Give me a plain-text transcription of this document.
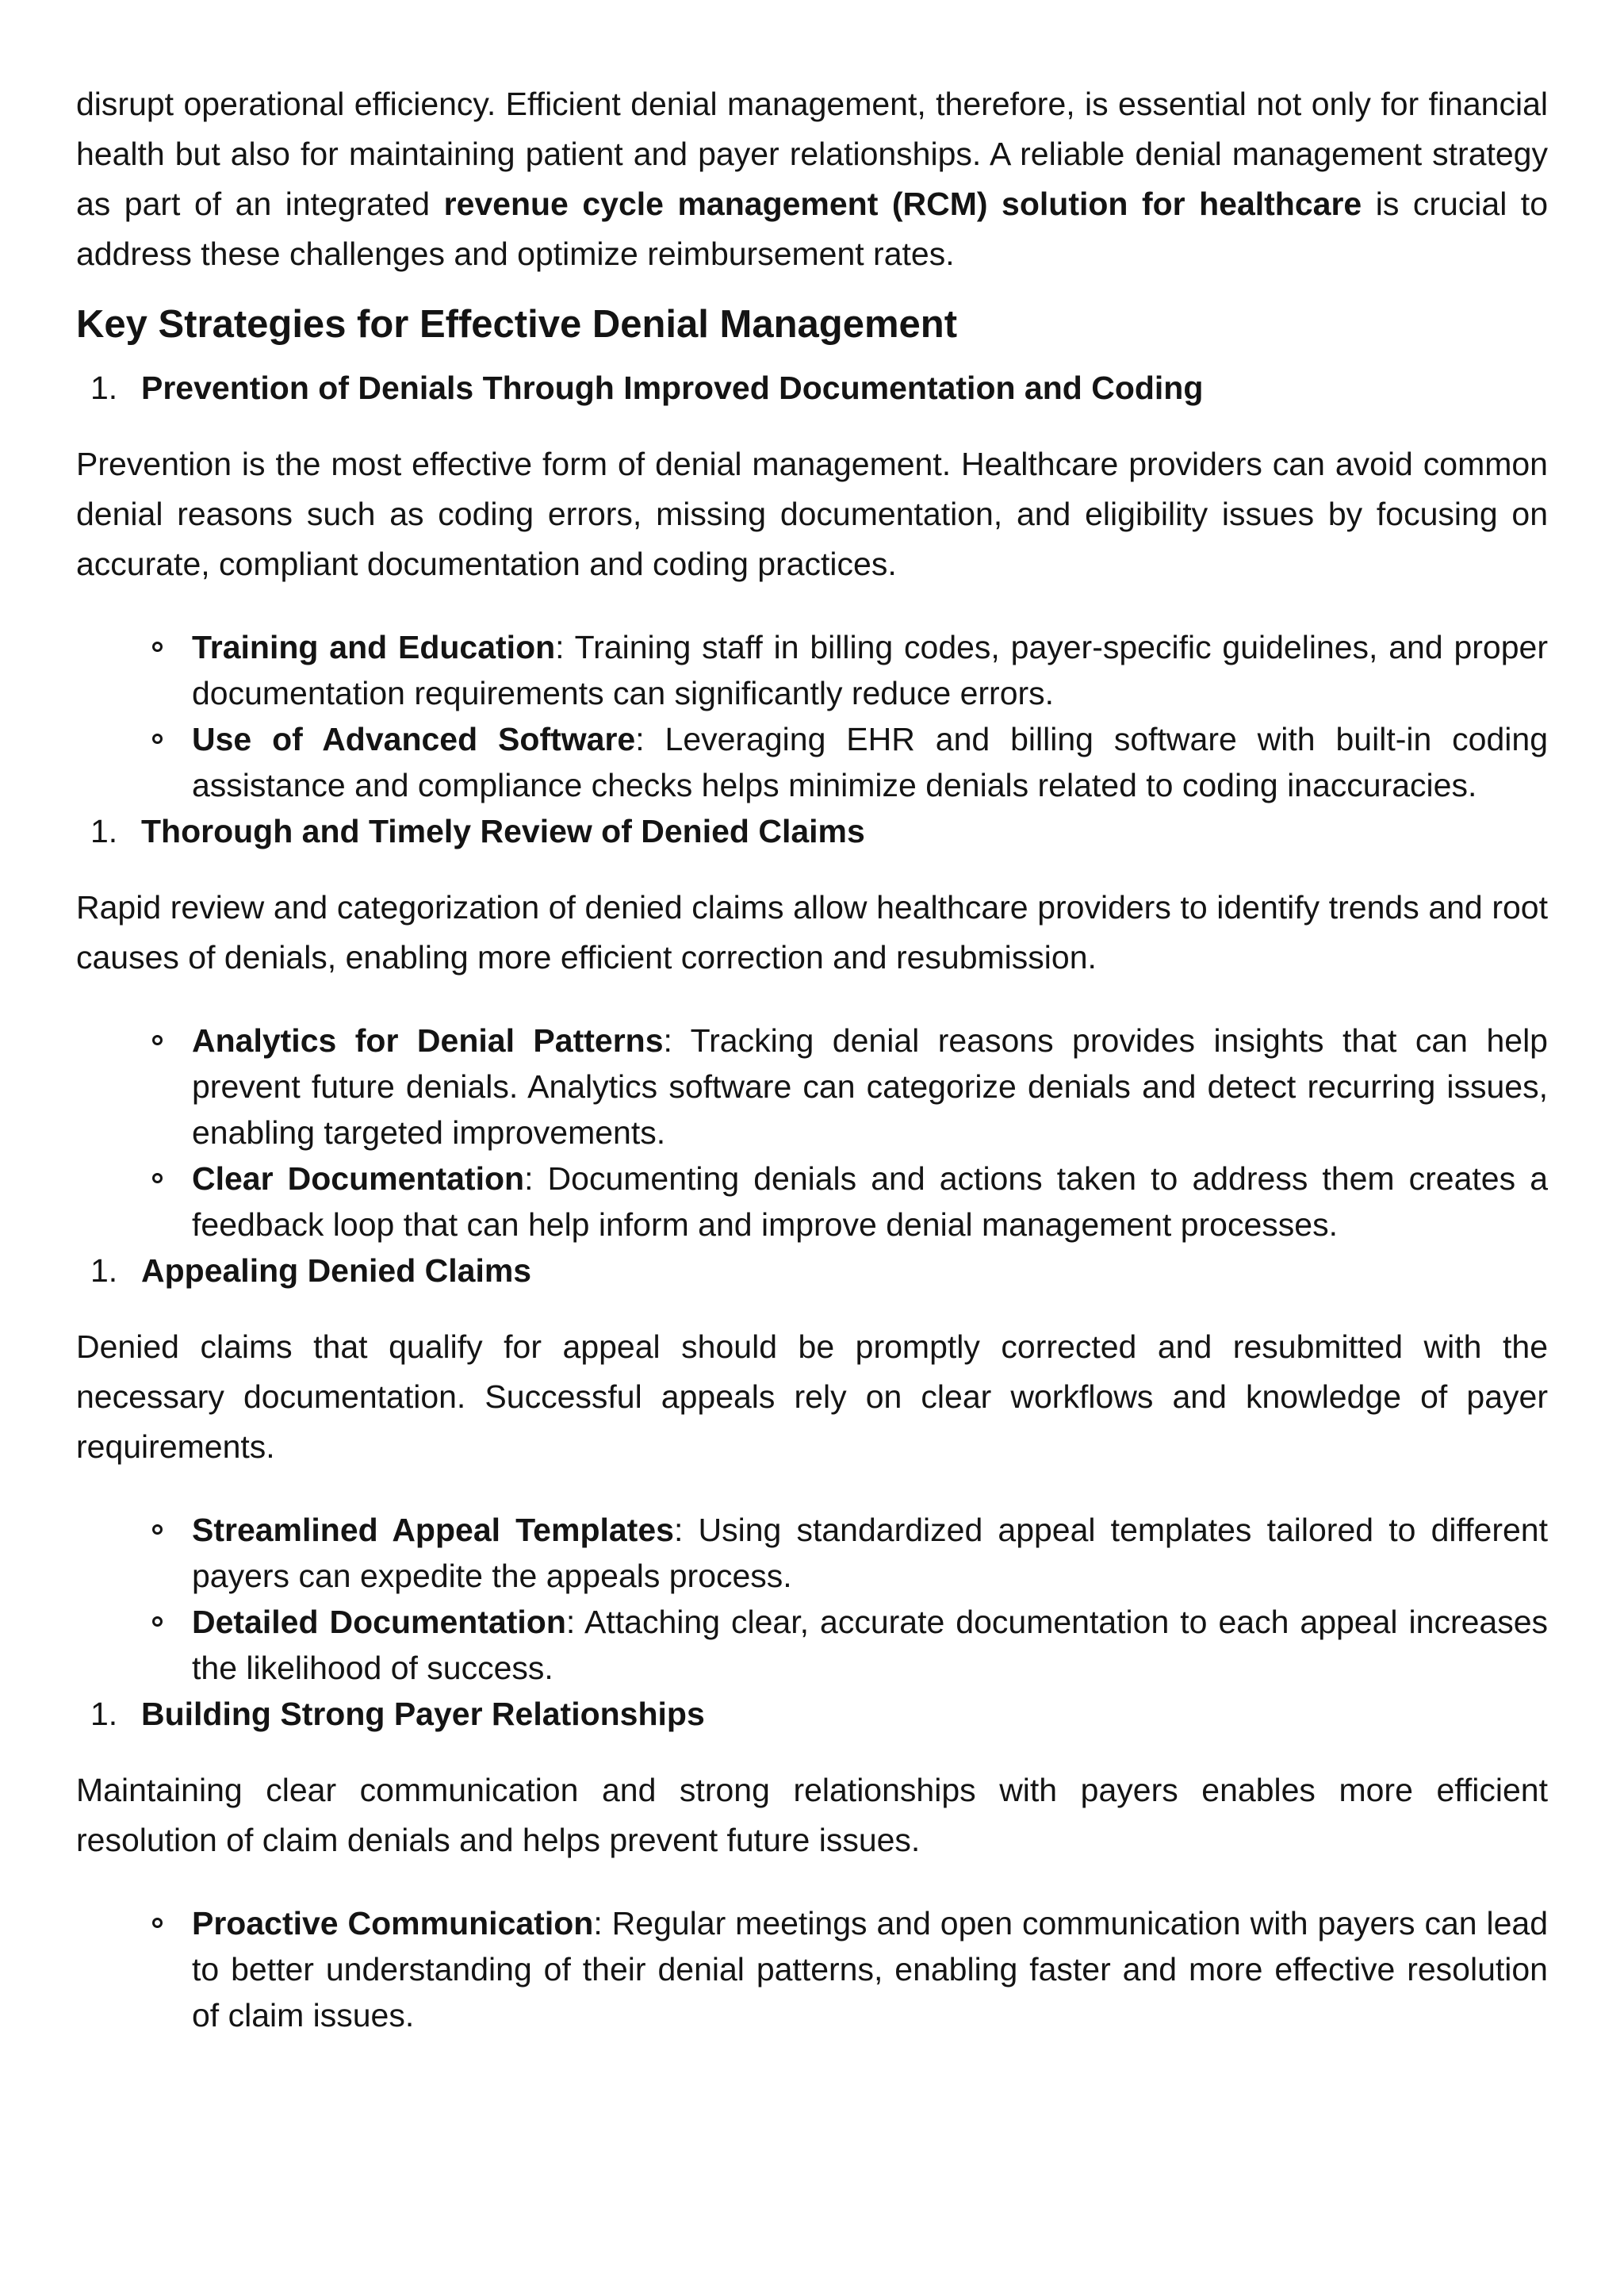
disrupt operational efficiency. Efficient denial management, therefore, is essential not only for financial health but also for maintaining patient and payer relationships. A reliable denial management strategy as part of an integrated revenue cycle management (RCM) solution for healthcare is crucial to address these challenges and optimize reimbursement rates.

Key Strategies for Effective Denial Management
1. Prevention of Denials Through Improved Documentation and Coding

Prevention is the most effective form of denial management. Healthcare providers can avoid common denial reasons such as coding errors, missing documentation, and eligibility issues by focusing on accurate, compliant documentation and coding practices.

Training and Education: Training staff in billing codes, payer-specific guidelines, and proper documentation requirements can significantly reduce errors.
Use of Advanced Software: Leveraging EHR and billing software with built-in coding assistance and compliance checks helps minimize denials related to coding inaccuracies.
1. Thorough and Timely Review of Denied Claims

Rapid review and categorization of denied claims allow healthcare providers to identify trends and root causes of denials, enabling more efficient correction and resubmission.

Analytics for Denial Patterns: Tracking denial reasons provides insights that can help prevent future denials. Analytics software can categorize denials and detect recurring issues, enabling targeted improvements.
Clear Documentation: Documenting denials and actions taken to address them creates a feedback loop that can help inform and improve denial management processes.
1. Appealing Denied Claims

Denied claims that qualify for appeal should be promptly corrected and resubmitted with the necessary documentation. Successful appeals rely on clear workflows and knowledge of payer requirements.

Streamlined Appeal Templates: Using standardized appeal templates tailored to different payers can expedite the appeals process.
Detailed Documentation: Attaching clear, accurate documentation to each appeal increases the likelihood of success.
1. Building Strong Payer Relationships

Maintaining clear communication and strong relationships with payers enables more efficient resolution of claim denials and helps prevent future issues.

Proactive Communication: Regular meetings and open communication with payers can lead to better understanding of their denial patterns, enabling faster and more effective resolution of claim issues.
